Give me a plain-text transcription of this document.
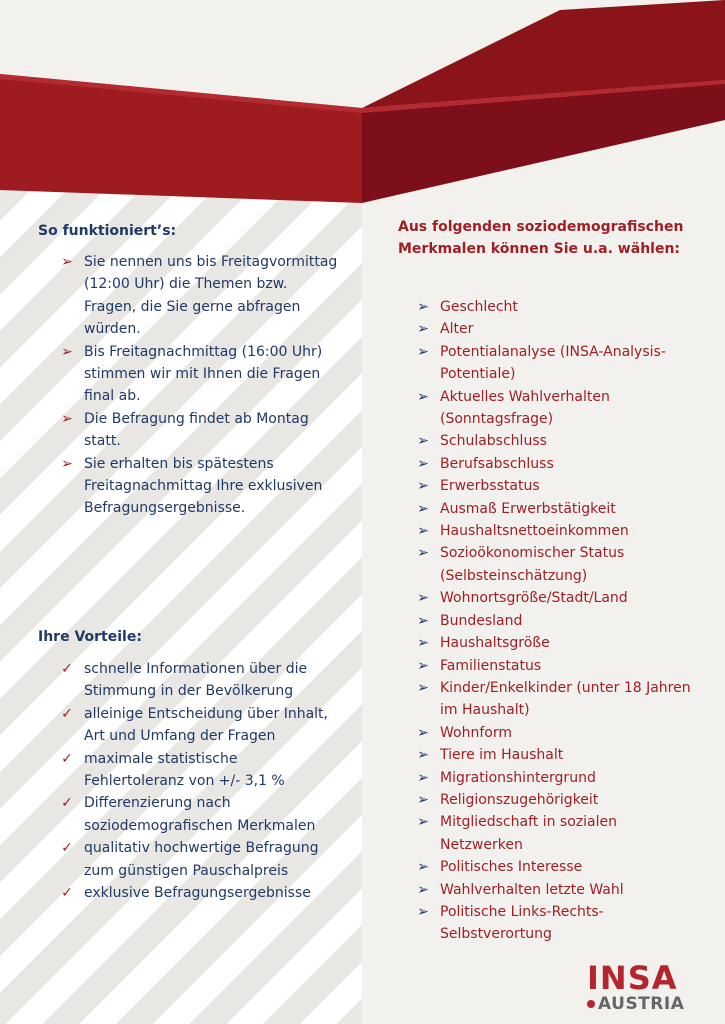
So funktioniert’s:
➢ Sie nennen uns bis Freitagvormittag (12:00 Uhr) die Themen bzw. Fragen, die Sie gerne abfragen würden.
➢ Bis Freitagnachmittag (16:00 Uhr) stimmen wir mit Ihnen die Fragen final ab.
➢ Die Befragung findet ab Montag statt.
➢ Sie erhalten bis spätestens Freitagnachmittag Ihre exklusiven Befragungsergebnisse.
Ihre Vorteile:
✓ schnelle Informationen über die Stimmung in der Bevölkerung
✓ alleinige Entscheidung über Inhalt, Art und Umfang der Fragen
✓ maximale statistische Fehlertoleranz von +/- 3,1 %
✓ Differenzierung nach soziodemografischen Merkmalen
✓ qualitativ hochwertige Befragung zum günstigen Pauschalpreis
✓ exklusive Befragungsergebnisse
Aus folgenden soziodemografischen
Merkmalen können Sie u.a. wählen:
➢ Geschlecht
➢ Alter
➢ Potentialanalyse (INSA-Analysis-Potentiale)
➢ Aktuelles Wahlverhalten (Sonntagsfrage)
➢ Schulabschluss
➢ Berufsabschluss
➢ Erwerbsstatus
➢ Ausmaß Erwerbstätigkeit
➢ Haushaltsnettoeinkommen
➢ Sozioökonomischer Status (Selbsteinschätzung)
➢ Wohnortsgröße/Stadt/Land
➢ Bundesland
➢ Haushaltsgröße
➢ Familienstatus
➢ Kinder/Enkelkinder (unter 18 Jahren im Haushalt)
➢ Wohnform
➢ Tiere im Haushalt
➢ Migrationshintergrund
➢ Religionszugehörigkeit
➢ Mitgliedschaft in sozialen Netzwerken
➢ Politisches Interesse
➢ Wahlverhalten letzte Wahl
➢ Politische Links-Rechts-Selbstverortung
INSA
AUSTRIA
